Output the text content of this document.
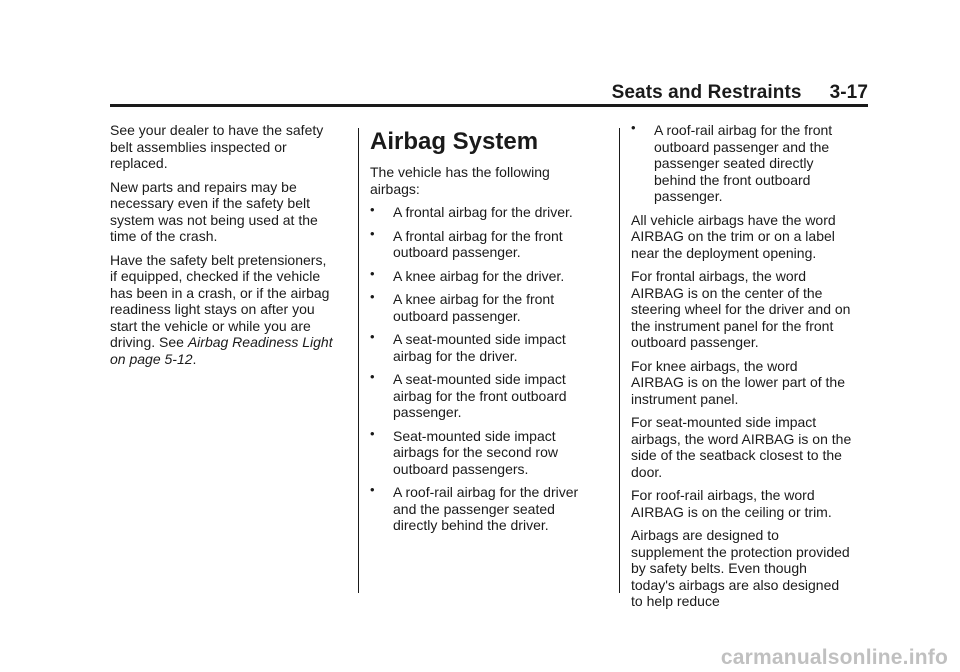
Seats and Restraints 3-17

See your dealer to have the safety belt assemblies inspected or replaced.

New parts and repairs may be necessary even if the safety belt system was not being used at the time of the crash.

Have the safety belt pretensioners, if equipped, checked if the vehicle has been in a crash, or if the airbag readiness light stays on after you start the vehicle or while you are driving. See Airbag Readiness Light on page 5-12.

Airbag System

The vehicle has the following airbags:

• A frontal airbag for the driver.
• A frontal airbag for the front outboard passenger.
• A knee airbag for the driver.
• A knee airbag for the front outboard passenger.
• A seat-mounted side impact airbag for the driver.
• A seat-mounted side impact airbag for the front outboard passenger.
• Seat-mounted side impact airbags for the second row outboard passengers.
• A roof-rail airbag for the driver and the passenger seated directly behind the driver.
• A roof-rail airbag for the front outboard passenger and the passenger seated directly behind the front outboard passenger.

All vehicle airbags have the word AIRBAG on the trim or on a label near the deployment opening.

For frontal airbags, the word AIRBAG is on the center of the steering wheel for the driver and on the instrument panel for the front outboard passenger.

For knee airbags, the word AIRBAG is on the lower part of the instrument panel.

For seat-mounted side impact airbags, the word AIRBAG is on the side of the seatback closest to the door.

For roof-rail airbags, the word AIRBAG is on the ceiling or trim.

Airbags are designed to supplement the protection provided by safety belts. Even though today's airbags are also designed to help reduce

carmanualsonline.info
